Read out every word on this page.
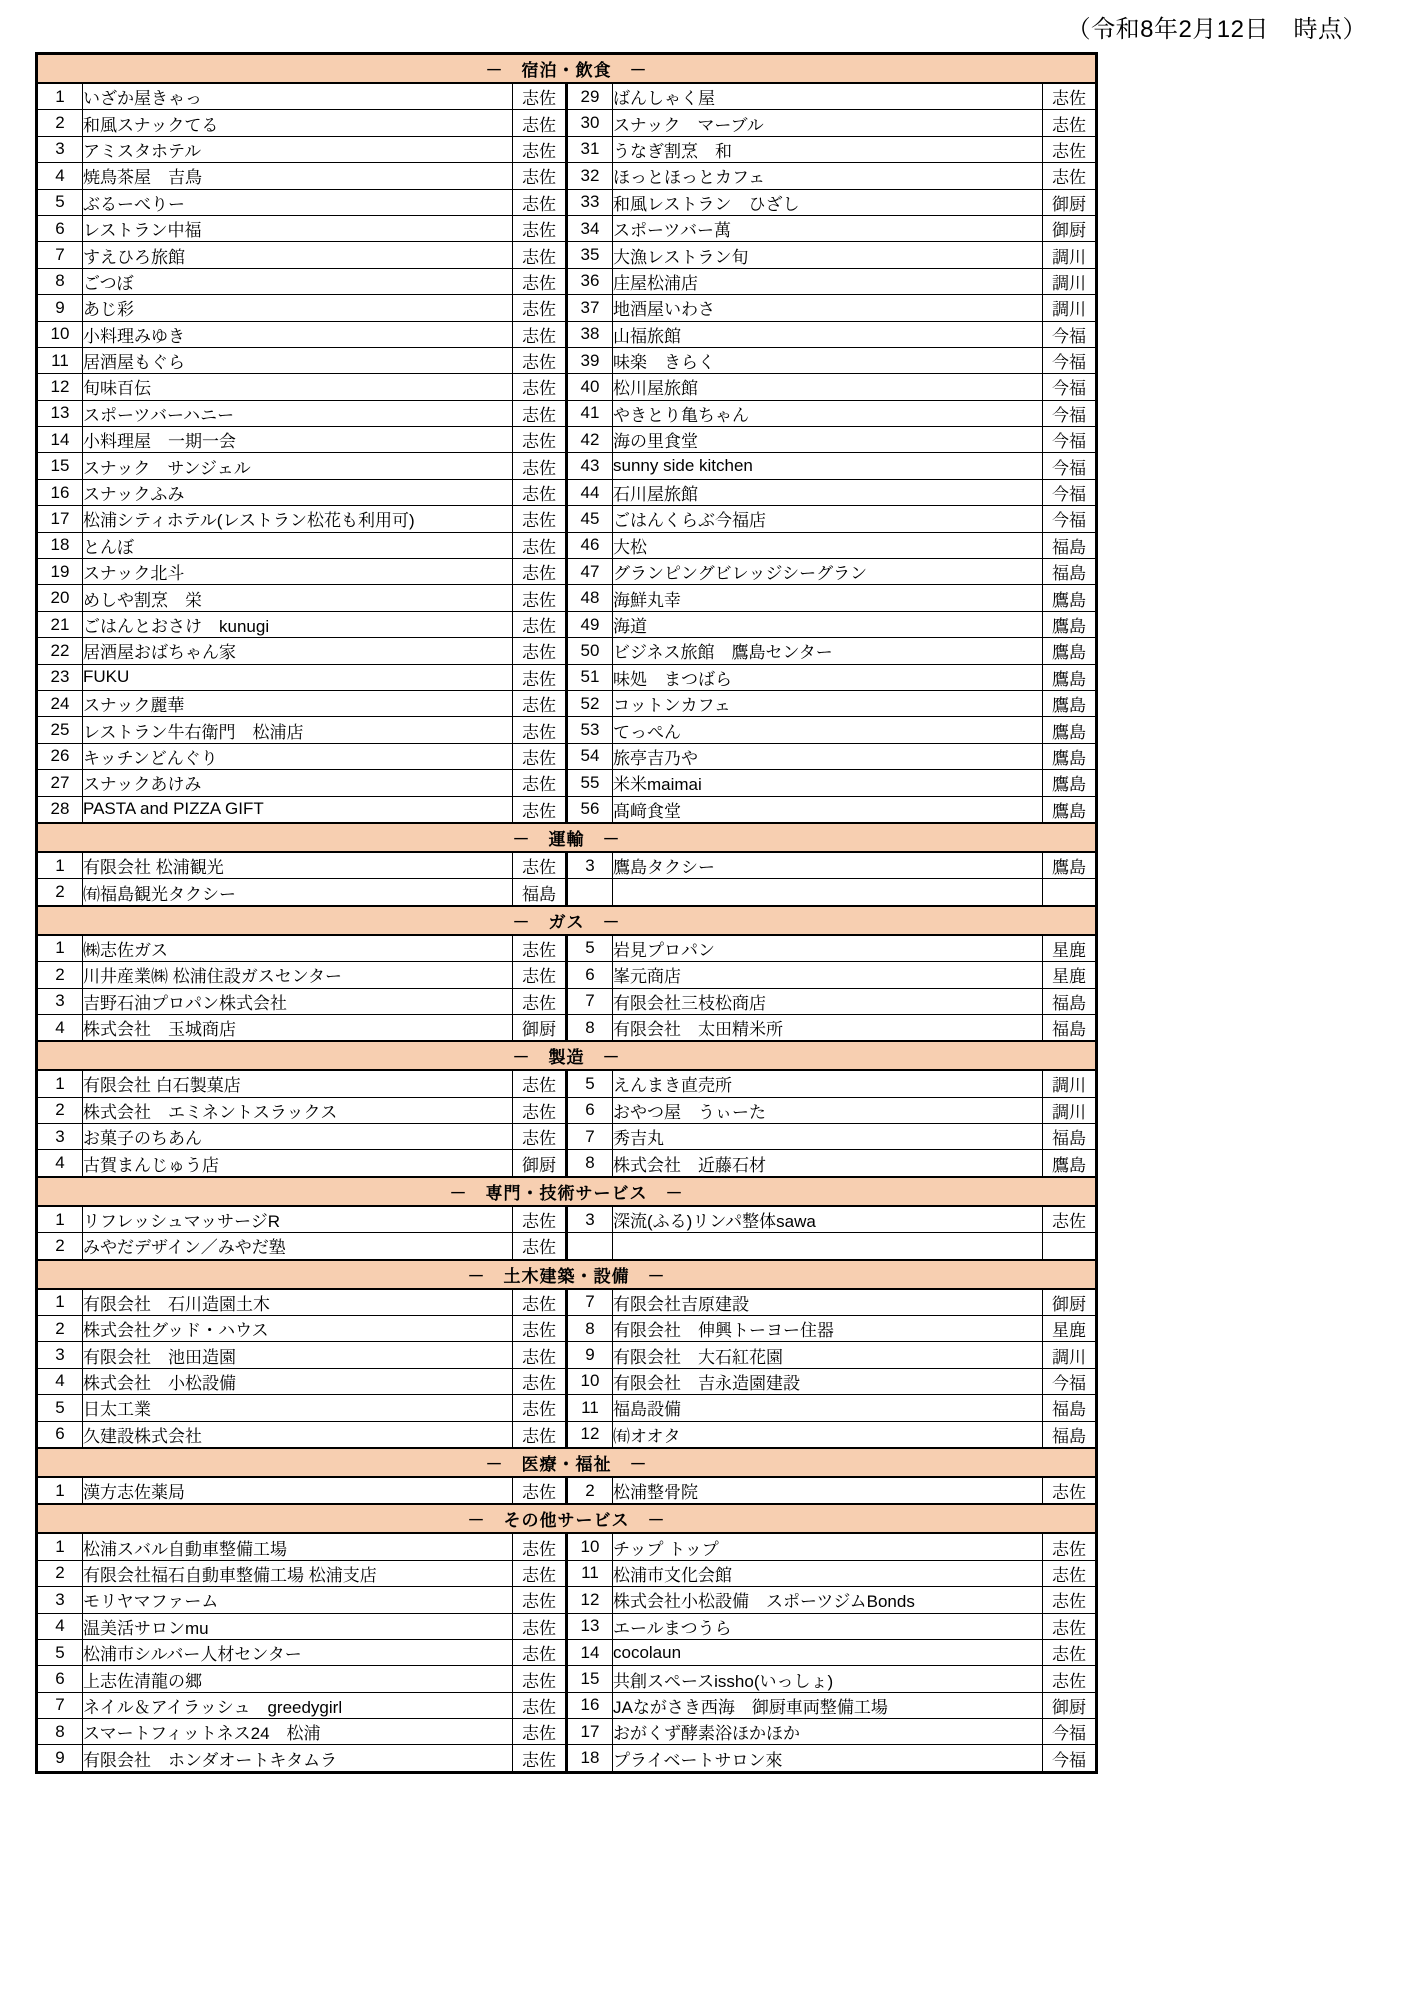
（令和8年2月12日　時点）
－　宿泊・飲食　－					
1	いざか屋きゃっ	志佐	29	ばんしゃく屋	志佐
2	和風スナックてる	志佐	30	スナック　マーブル	志佐
3	アミスタホテル	志佐	31	うなぎ割烹　和	志佐
4	焼鳥茶屋　吉鳥	志佐	32	ほっとほっとカフェ	志佐
5	ぶるーべりー	志佐	33	和風レストラン　ひざし	御厨
6	レストラン中福	志佐	34	スポーツバー萬	御厨
7	すえひろ旅館	志佐	35	大漁レストラン旬	調川
8	ごつぼ	志佐	36	庄屋松浦店	調川
9	あじ彩	志佐	37	地酒屋いわさ	調川
10	小料理みゆき	志佐	38	山福旅館	今福
11	居酒屋もぐら	志佐	39	味楽　きらく	今福
12	旬味百伝	志佐	40	松川屋旅館	今福
13	スポーツバーハニー	志佐	41	やきとり亀ちゃん	今福
14	小料理屋　一期一会	志佐	42	海の里食堂	今福
15	スナック　サンジェル	志佐	43	sunny side kitchen	今福
16	スナックふみ	志佐	44	石川屋旅館	今福
17	松浦シティホテル(レストラン松花も利用可)	志佐	45	ごはんくらぶ今福店	今福
18	とんぼ	志佐	46	大松	福島
19	スナック北斗	志佐	47	グランピングビレッジシーグラン	福島
20	めしや割烹　栄	志佐	48	海鮮丸幸	鷹島
21	ごはんとおさけ　kunugi	志佐	49	海道	鷹島
22	居酒屋おばちゃん家	志佐	50	ビジネス旅館　鷹島センター	鷹島
23	FUKU	志佐	51	味処　まつばら	鷹島
24	スナック麗華	志佐	52	コットンカフェ	鷹島
25	レストラン牛右衛門　松浦店	志佐	53	てっぺん	鷹島
26	キッチンどんぐり	志佐	54	旅亭吉乃や	鷹島
27	スナックあけみ	志佐	55	米米maimai	鷹島
28	PASTA and PIZZA GIFT	志佐	56	髙﨑食堂	鷹島
－　運輸　－					
1	有限会社 松浦観光	志佐	3	鷹島タクシー	鷹島
2	㈲福島観光タクシー	福島			
－　ガス　－					
1	㈱志佐ガス	志佐	5	岩見プロパン	星鹿
2	川井産業㈱ 松浦住設ガスセンター	志佐	6	峯元商店	星鹿
3	吉野石油プロパン株式会社	志佐	7	有限会社三枝松商店	福島
4	株式会社　玉城商店	御厨	8	有限会社　太田精米所	福島
－　製造　－					
1	有限会社 白石製菓店	志佐	5	えんまき直売所	調川
2	株式会社　エミネントスラックス	志佐	6	おやつ屋　うぃーた	調川
3	お菓子のちあん	志佐	7	秀吉丸	福島
4	古賀まんじゅう店	御厨	8	株式会社　近藤石材	鷹島
－　専門・技術サービス　－					
1	リフレッシュマッサージR	志佐	3	深流(ふる)リンパ整体sawa	志佐
2	みやだデザイン／みやだ塾	志佐			
－　土木建築・設備　－					
1	有限会社　石川造園土木	志佐	7	有限会社吉原建設	御厨
2	株式会社グッド・ハウス	志佐	8	有限会社　伸興トーヨー住器	星鹿
3	有限会社　池田造園	志佐	9	有限会社　大石紅花園	調川
4	株式会社　小松設備	志佐	10	有限会社　吉永造園建設	今福
5	日太工業	志佐	11	福島設備	福島
6	久建設株式会社	志佐	12	㈲オオタ	福島
－　医療・福祉　－					
1	漢方志佐薬局	志佐	2	松浦整骨院	志佐
－　その他サービス　－					
1	松浦スバル自動車整備工場	志佐	10	チップ トップ	志佐
2	有限会社福石自動車整備工場 松浦支店	志佐	11	松浦市文化会館	志佐
3	モリヤマファーム	志佐	12	株式会社小松設備　スポーツジムBonds	志佐
4	温美活サロンmu	志佐	13	エールまつうら	志佐
5	松浦市シルバー人材センター	志佐	14	cocolaun	志佐
6	上志佐清龍の郷	志佐	15	共創スペースissho(いっしょ)	志佐
7	ネイル＆アイラッシュ　greedygirl	志佐	16	JAながさき西海　御厨車両整備工場	御厨
8	スマートフィットネス24　松浦	志佐	17	おがくず酵素浴ほかほか	今福
9	有限会社　ホンダオートキタムラ	志佐	18	プライベートサロン來	今福
